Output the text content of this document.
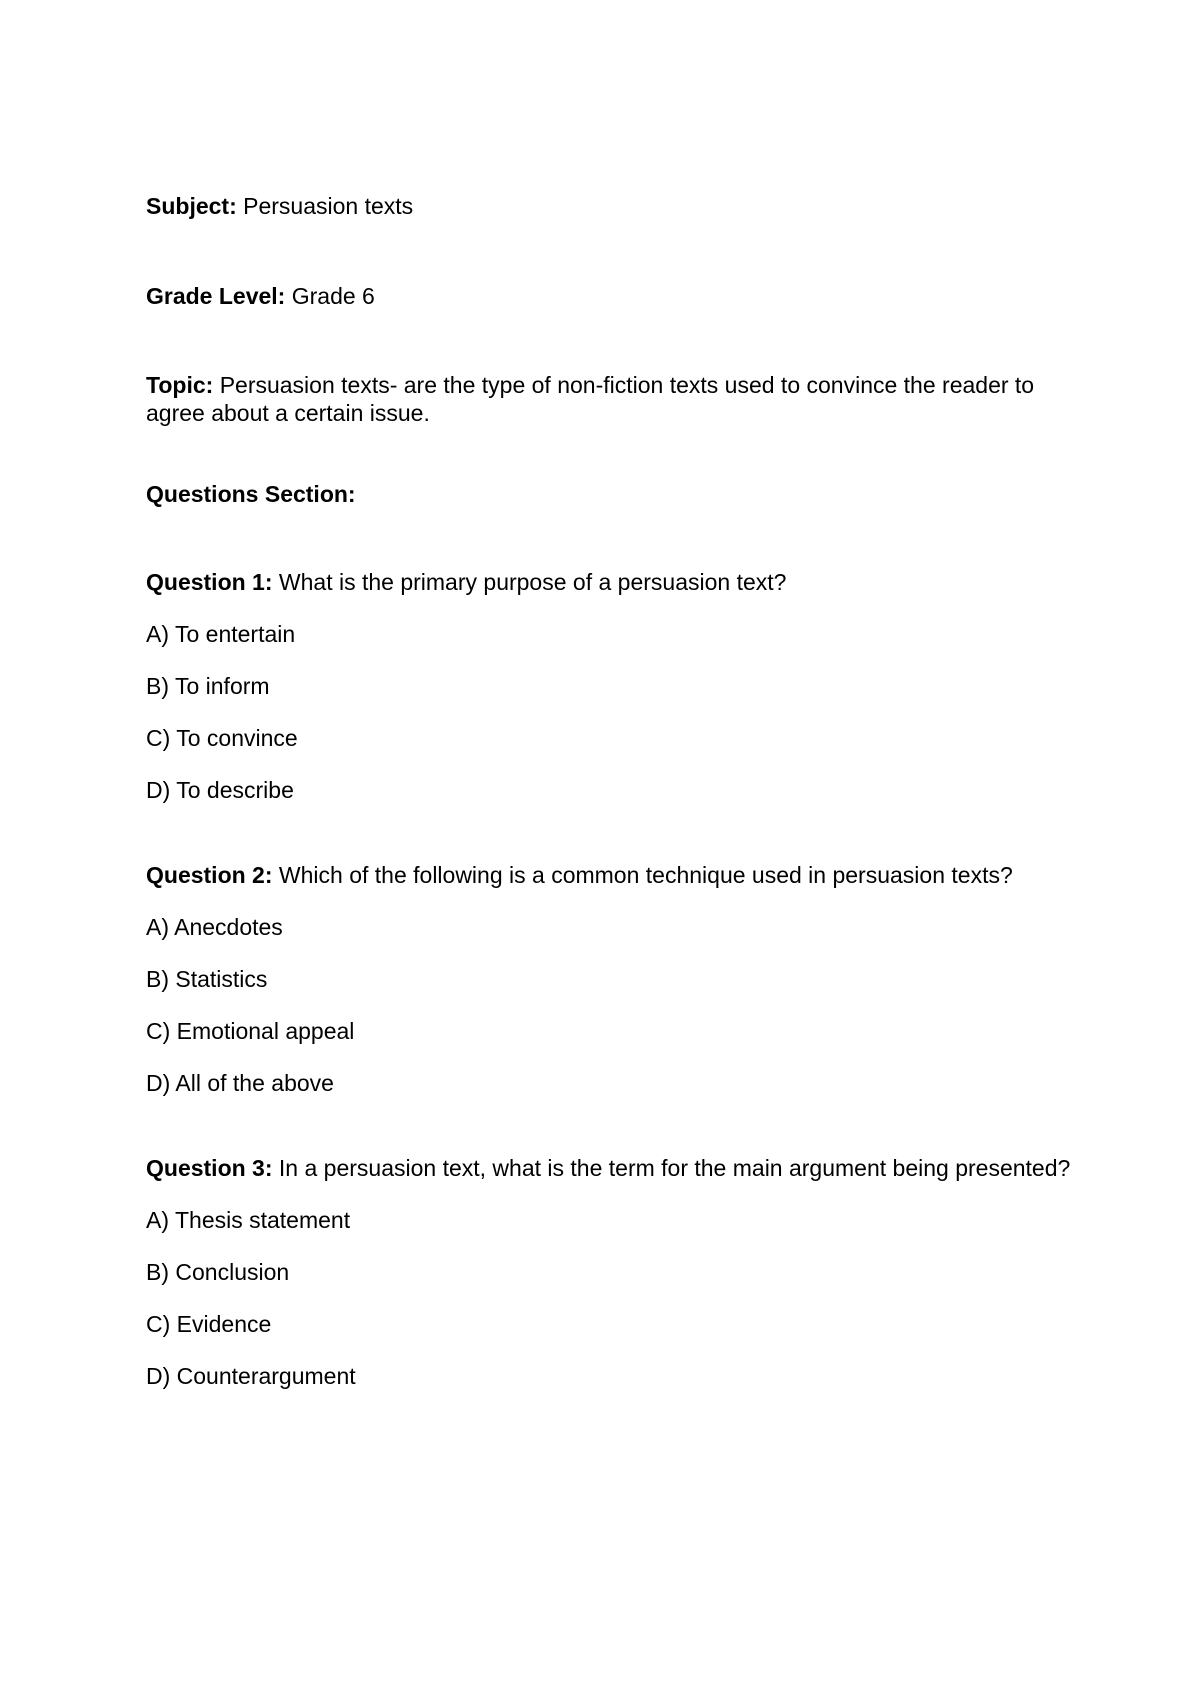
Subject: Persuasion texts

Grade Level: Grade 6

Topic: Persuasion texts- are the type of non-fiction texts used to convince the reader to agree about a certain issue.

Questions Section:

Question 1: What is the primary purpose of a persuasion text?

A) To entertain
B) To inform
C) To convince
D) To describe

Question 2: Which of the following is a common technique used in persuasion texts?

A) Anecdotes
B) Statistics
C) Emotional appeal
D) All of the above

Question 3: In a persuasion text, what is the term for the main argument being presented?

A) Thesis statement
B) Conclusion
C) Evidence
D) Counterargument
